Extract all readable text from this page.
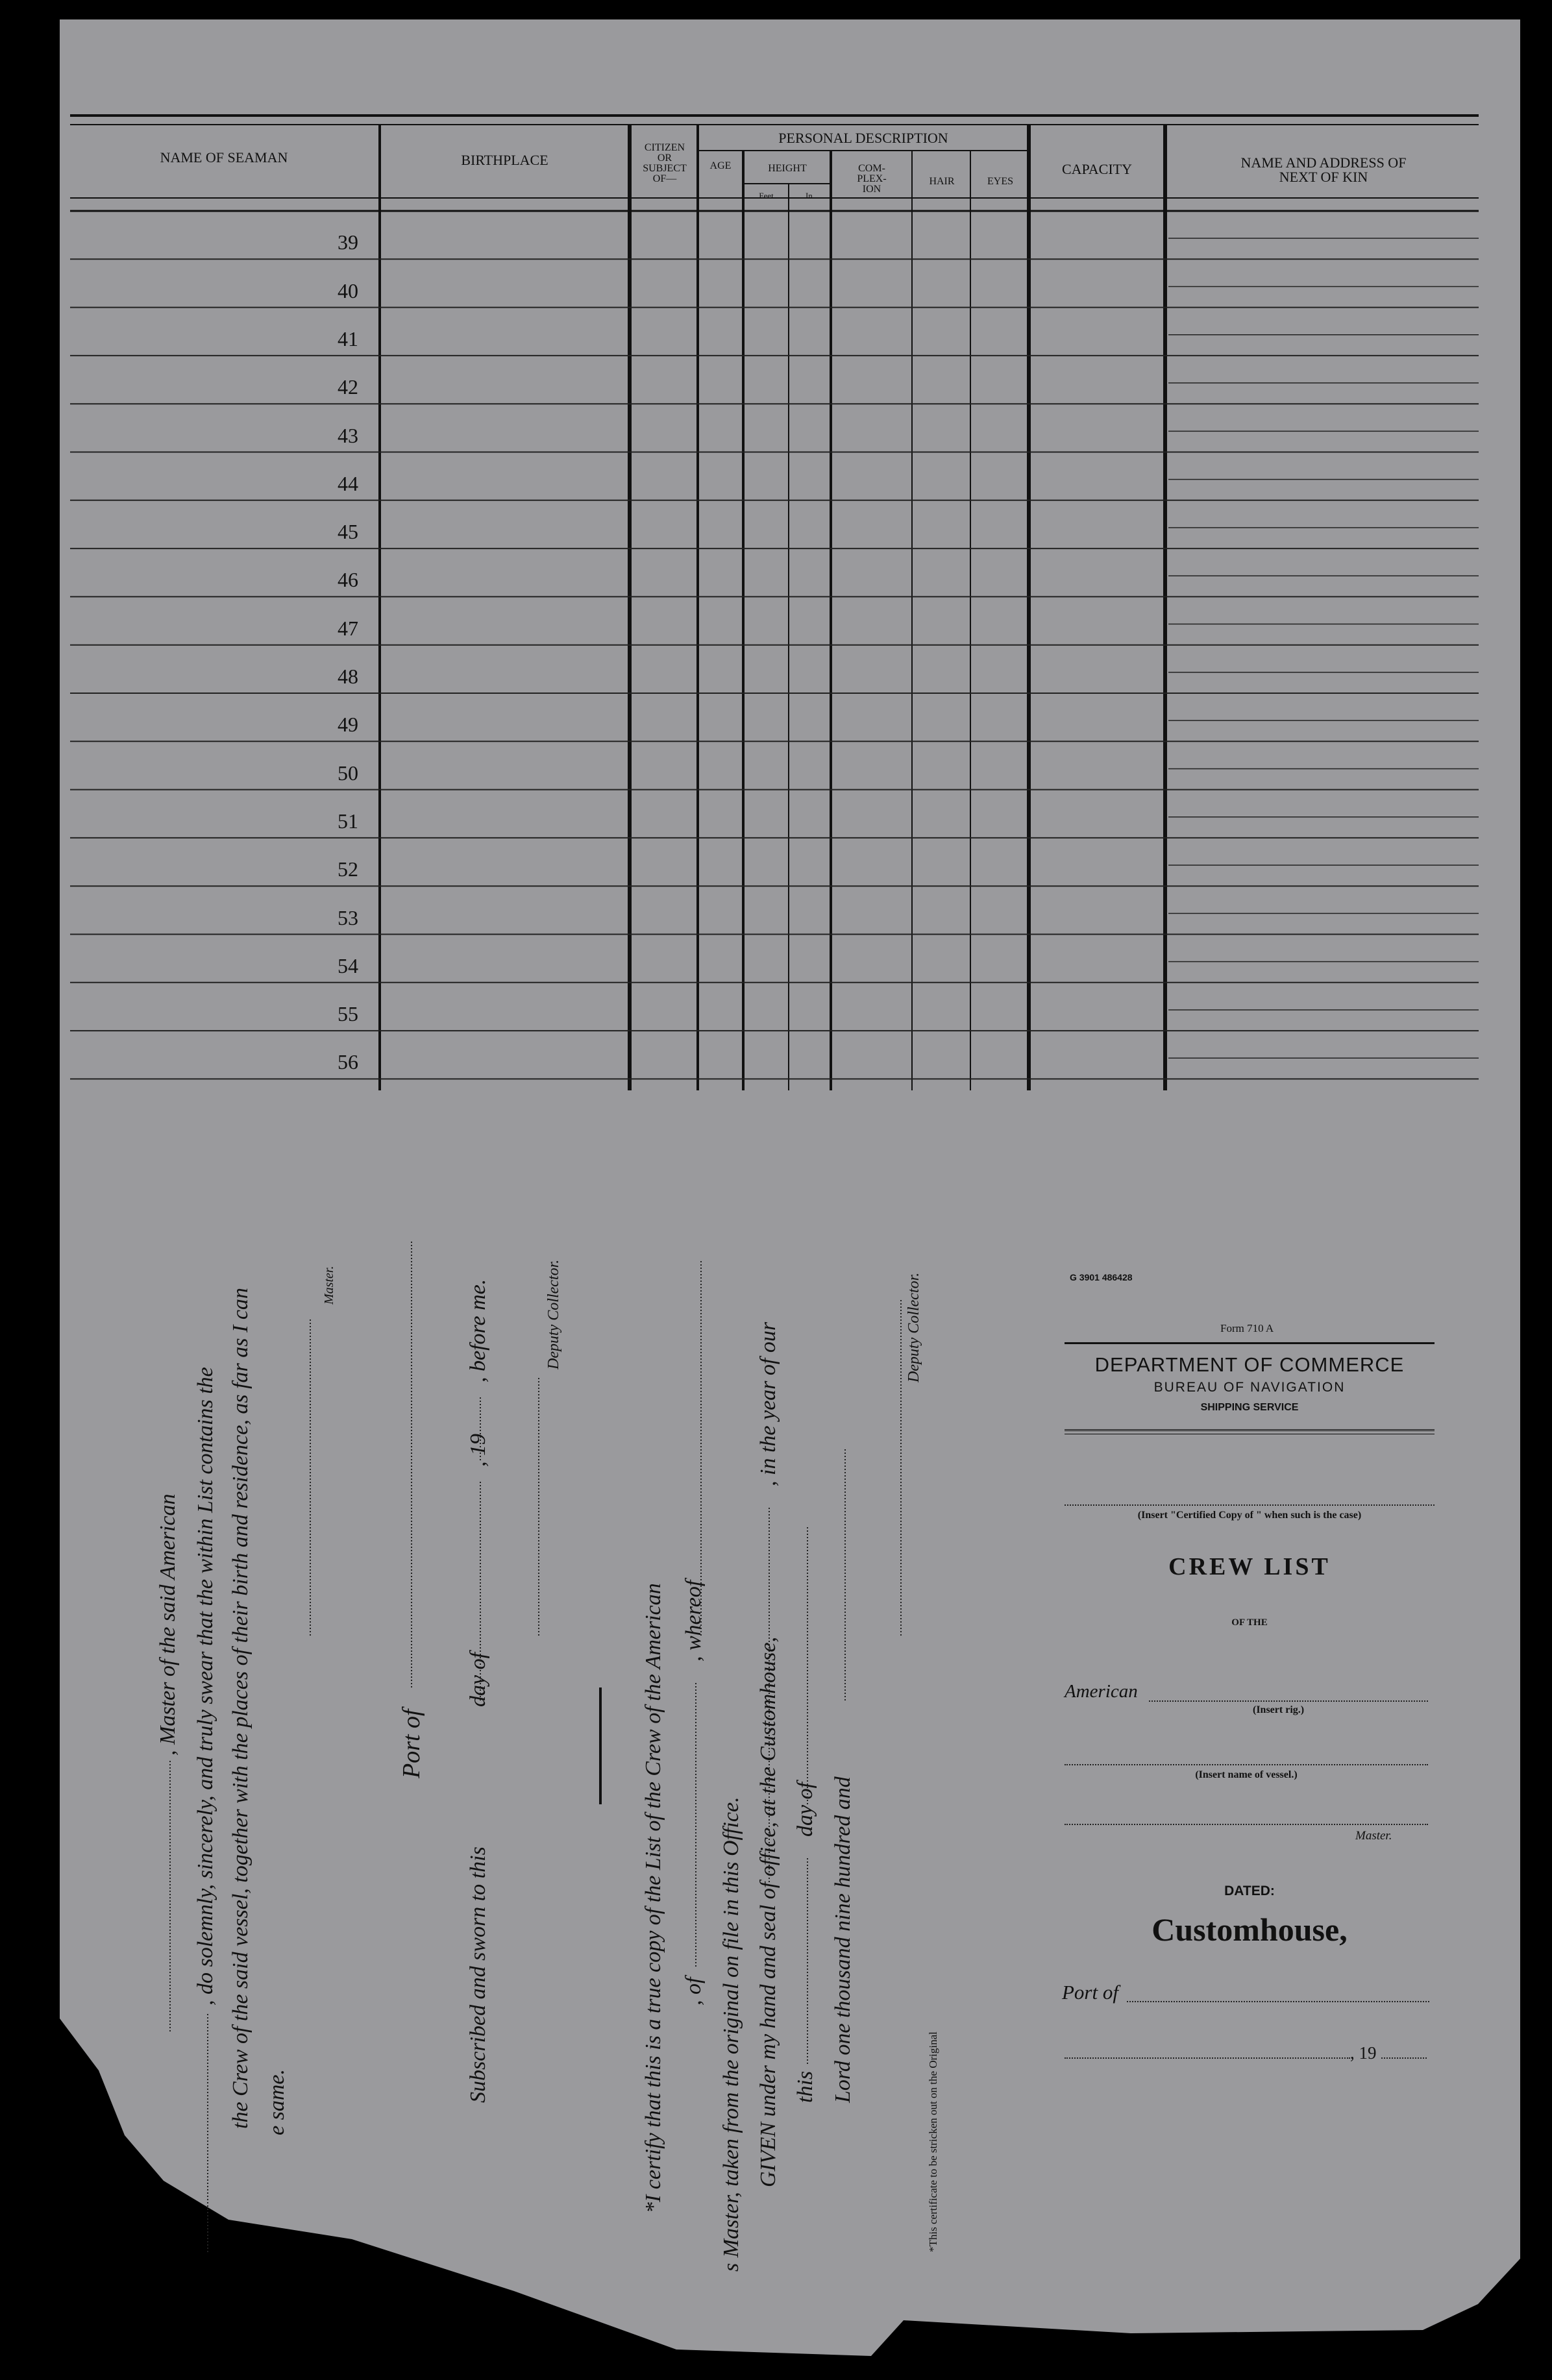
NAME OF SEAMAN	BIRTHPLACE
CITIZEN
OR
SUBJECT
OF—
AGE
PERSONAL DESCRIPTION
HEIGHT
Feet	In.
COM-
PLEX-
ION
HAIR	EYES
CAPACITY	NAME AND ADDRESS OF
NEXT OF KIN
39
40
41
42
43
44
45
46
47
48
49
50
51
52
53
54
55
56
, Master of the said American , do solemnly, sincerely, and truly swear that the within List contains the the Crew of the said vessel, together with the places of their birth and residence, as far as I can e same.
Master.
Port of
Subscribed and sworn to this
day of
, 19
, before me.	Deputy Collector.
*I certify that this is a true copy of the List of the Crew of the American , of
, whereof
s Master, taken from the original on file in this Office. GIVEN under my hand and seal of office, at the Customhouse,
, in the year of our
this
day of Lord one thousand nine hundred and
Deputy Collector.
*This certificate to be stricken out on the Original
G 3901 486428
Form 710 A
DEPARTMENT OF COMMERCE
BUREAU OF NAVIGATION
SHIPPING SERVICE
(Insert "Certified Copy of " when such is the case)
CREW LIST
OF THE
American
(Insert rig.)
(Insert name of vessel.)
Master.
DATED:
Customhouse,
Port of
, 19
